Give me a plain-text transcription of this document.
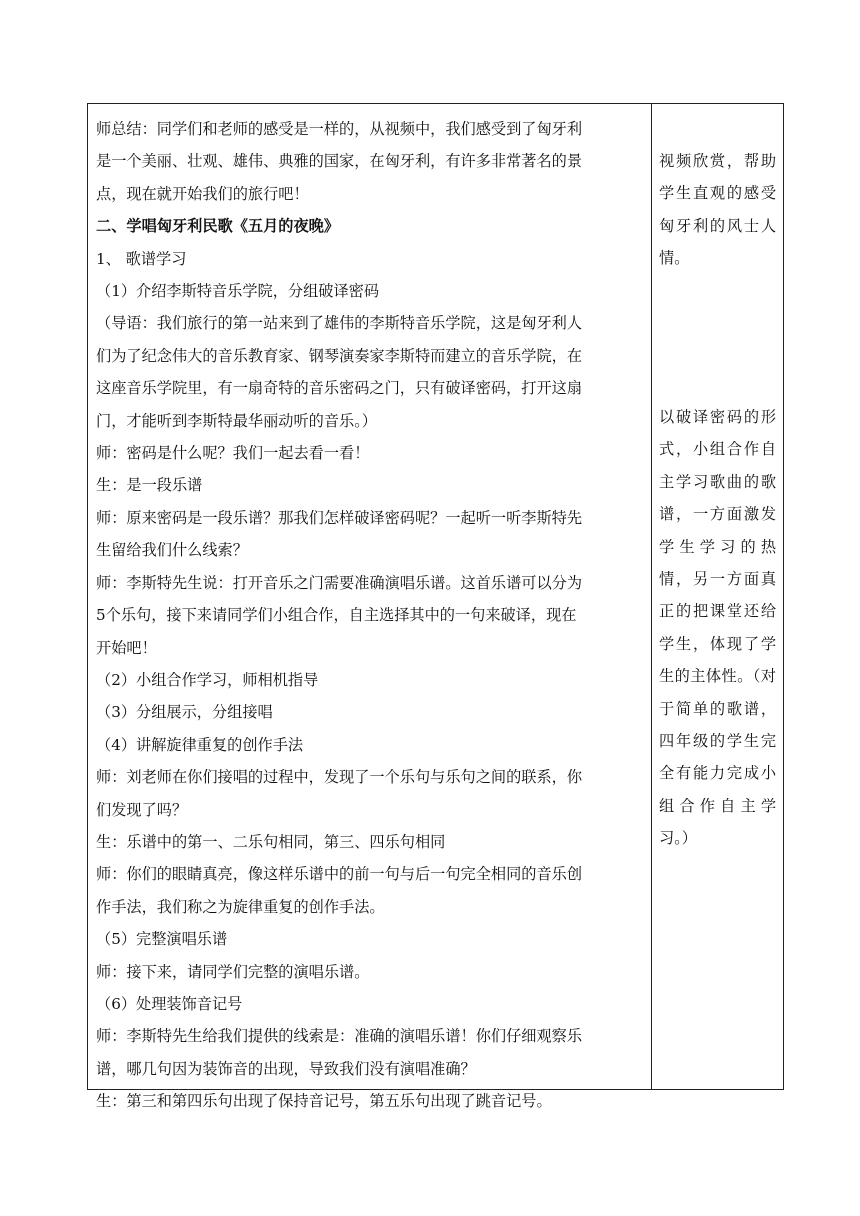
师总结：同学们和老师的感受是一样的，从视频中，我们感受到了匈牙利

是一个美丽、壮观、雄伟、典雅的国家，在匈牙利，有许多非常著名的景

点，现在就开始我们的旅行吧！

二、学唱匈牙利民歌《五月的夜晚》

1、 歌谱学习

（1）介绍李斯特音乐学院，分组破译密码

（导语：我们旅行的第一站来到了雄伟的李斯特音乐学院，这是匈牙利人

们为了纪念伟大的音乐教育家、钢琴演奏家李斯特而建立的音乐学院，在

这座音乐学院里，有一扇奇特的音乐密码之门，只有破译密码，打开这扇

门，才能听到李斯特最华丽动听的音乐。）

师：密码是什么呢？我们一起去看一看！

生：是一段乐谱

师：原来密码是一段乐谱？那我们怎样破译密码呢？一起听一听李斯特先

生留给我们什么线索？

师：李斯特先生说：打开音乐之门需要准确演唱乐谱。这首乐谱可以分为

5个乐句，接下来请同学们小组合作，自主选择其中的一句来破译，现在

开始吧！

（2）小组合作学习，师相机指导

（3）分组展示，分组接唱

（4）讲解旋律重复的创作手法

师：刘老师在你们接唱的过程中，发现了一个乐句与乐句之间的联系，你

们发现了吗？

生：乐谱中的第一、二乐句相同，第三、四乐句相同

师：你们的眼睛真亮，像这样乐谱中的前一句与后一句完全相同的音乐创

作手法，我们称之为旋律重复的创作手法。

（5）完整演唱乐谱

师：接下来，请同学们完整的演唱乐谱。

（6）处理装饰音记号

师：李斯特先生给我们提供的线索是：准确的演唱乐谱！你们仔细观察乐

谱，哪几句因为装饰音的出现，导致我们没有演唱准确？

生：第三和第四乐句出现了保持音记号，第五乐句出现了跳音记号。

视频欣赏，帮助学生直观的感受匈牙利的风士人情。
以破译密码的形式，小组合作自主学习歌曲的歌谱，一方面激发学生学习的热情，另一方面真正的把课堂还给学生，体现了学生的主体性。（对于简单的歌谱，四年级的学生完全有能力完成小组合作自主学习。）
